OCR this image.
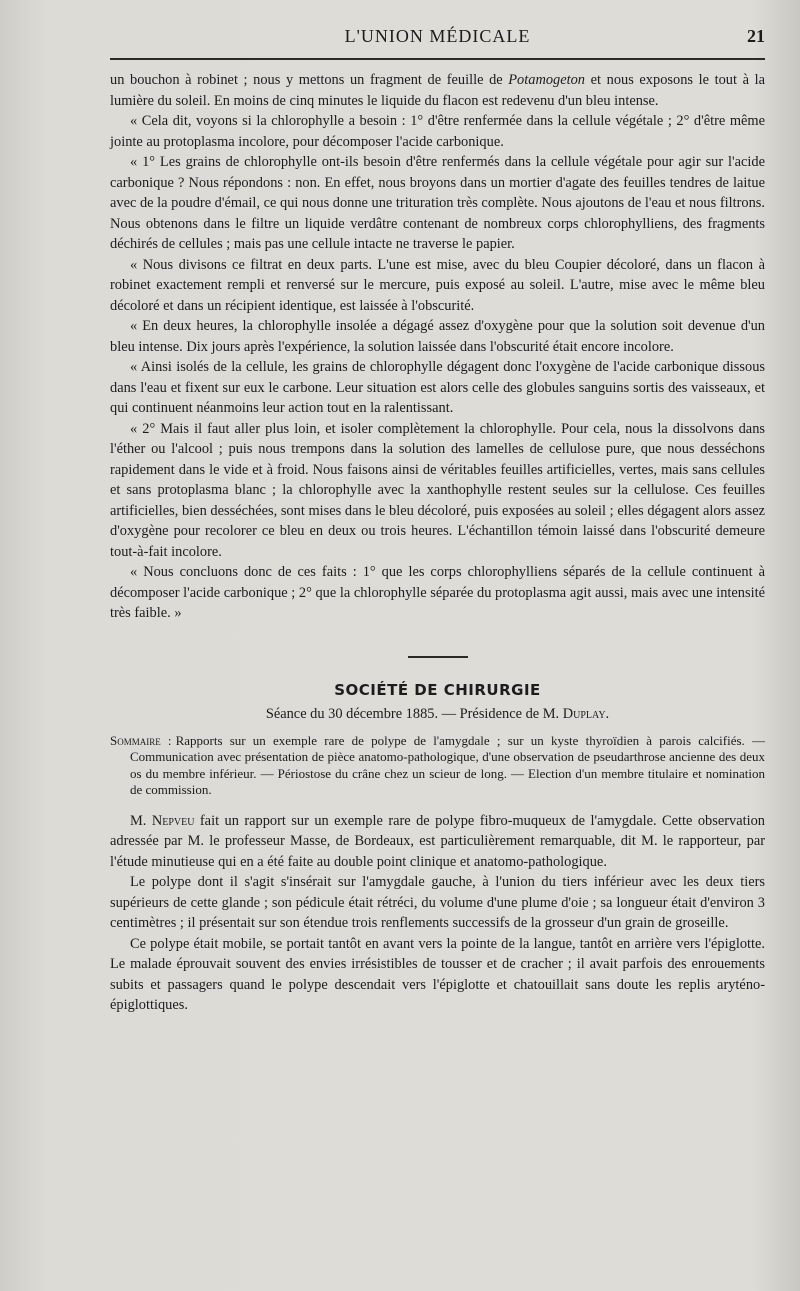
L'UNION MÉDICALE	21

un bouchon à robinet ; nous y mettons un fragment de feuille de Potamogeton et nous exposons le tout à la lumière du soleil. En moins de cinq minutes le liquide du flacon est redevenu d'un bleu intense.

« Cela dit, voyons si la chlorophylle a besoin : 1° d'être renfermée dans la cellule végétale ; 2° d'être même jointe au protoplasma incolore, pour décomposer l'acide carbonique.

« 1° Les grains de chlorophylle ont-ils besoin d'être renfermés dans la cellule végétale pour agir sur l'acide carbonique ? Nous répondons : non. En effet, nous broyons dans un mortier d'agate des feuilles tendres de laitue avec de la poudre d'émail, ce qui nous donne une trituration très complète. Nous ajoutons de l'eau et nous filtrons. Nous obtenons dans le filtre un liquide verdâtre contenant de nombreux corps chlorophylliens, des fragments déchirés de cellules ; mais pas une cellule intacte ne traverse le papier.

« Nous divisons ce filtrat en deux parts. L'une est mise, avec du bleu Coupier décoloré, dans un flacon à robinet exactement rempli et renversé sur le mercure, puis exposé au soleil. L'autre, mise avec le même bleu décoloré et dans un récipient identique, est laissée à l'obscurité.

« En deux heures, la chlorophylle insolée a dégagé assez d'oxygène pour que la solution soit devenue d'un bleu intense. Dix jours après l'expérience, la solution laissée dans l'obscurité était encore incolore.

« Ainsi isolés de la cellule, les grains de chlorophylle dégagent donc l'oxygène de l'acide carbonique dissous dans l'eau et fixent sur eux le carbone. Leur situation est alors celle des globules sanguins sortis des vaisseaux, et qui continuent néanmoins leur action tout en la ralentissant.

« 2° Mais il faut aller plus loin, et isoler complètement la chlorophylle. Pour cela, nous la dissolvons dans l'éther ou l'alcool ; puis nous trempons dans la solution des lamelles de cellulose pure, que nous desséchons rapidement dans le vide et à froid. Nous faisons ainsi de véritables feuilles artificielles, vertes, mais sans cellules et sans protoplasma blanc ; la chlorophylle avec la xanthophylle restent seules sur la cellulose. Ces feuilles artificielles, bien desséchées, sont mises dans le bleu décoloré, puis exposées au soleil ; elles dégagent alors assez d'oxygène pour recolorer ce bleu en deux ou trois heures. L'échantillon témoin laissé dans l'obscurité demeure tout-à-fait incolore.

« Nous concluons donc de ces faits : 1° que les corps chlorophylliens séparés de la cellule continuent à décomposer l'acide carbonique ; 2° que la chlorophylle séparée du protoplasma agit aussi, mais avec une intensité très faible. »

SOCIÉTÉ DE CHIRURGIE
Séance du 30 décembre 1885. — Présidence de M. Duplay.
Sommaire : Rapports sur un exemple rare de polype de l'amygdale ; sur un kyste thyroïdien à parois calcifiés. — Communication avec présentation de pièce anatomo-pathologique, d'une observation de pseudarthrose ancienne des deux os du membre inférieur. — Périostose du crâne chez un scieur de long. — Election d'un membre titulaire et nomination de commission.

M. Nepveu fait un rapport sur un exemple rare de polype fibro-muqueux de l'amygdale. Cette observation adressée par M. le professeur Masse, de Bordeaux, est particulièrement remarquable, dit M. le rapporteur, par l'étude minutieuse qui en a été faite au double point clinique et anatomo-pathologique.

Le polype dont il s'agit s'insérait sur l'amygdale gauche, à l'union du tiers inférieur avec les deux tiers supérieurs de cette glande ; son pédicule était rétréci, du volume d'une plume d'oie ; sa longueur était d'environ 3 centimètres ; il présentait sur son étendue trois renflements successifs de la grosseur d'un grain de groseille.

Ce polype était mobile, se portait tantôt en avant vers la pointe de la langue, tantôt en arrière vers l'épiglotte. Le malade éprouvait souvent des envies irrésistibles de tousser et de cracher ; il avait parfois des enrouements subits et passagers quand le polype descendait vers l'épiglotte et chatouillait sans doute les replis aryténo-épiglottiques.
